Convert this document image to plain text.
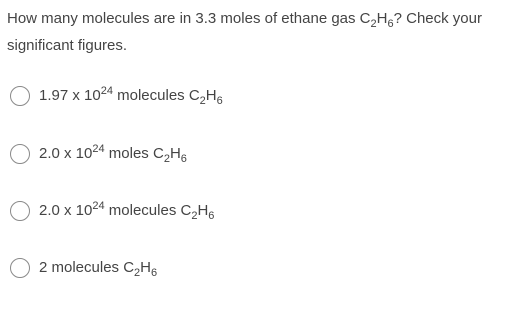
How many molecules are in 3.3 moles of ethane gas $C_2H_6$? Check your significant figures.
1.97 x $10^{24}$ molecules $C_2H_6$
2.0 x $10^{24}$ moles $C_2H_6$
2.0 x $10^{24}$ molecules $C_2H_6$
2 molecules $C_2H_6$
